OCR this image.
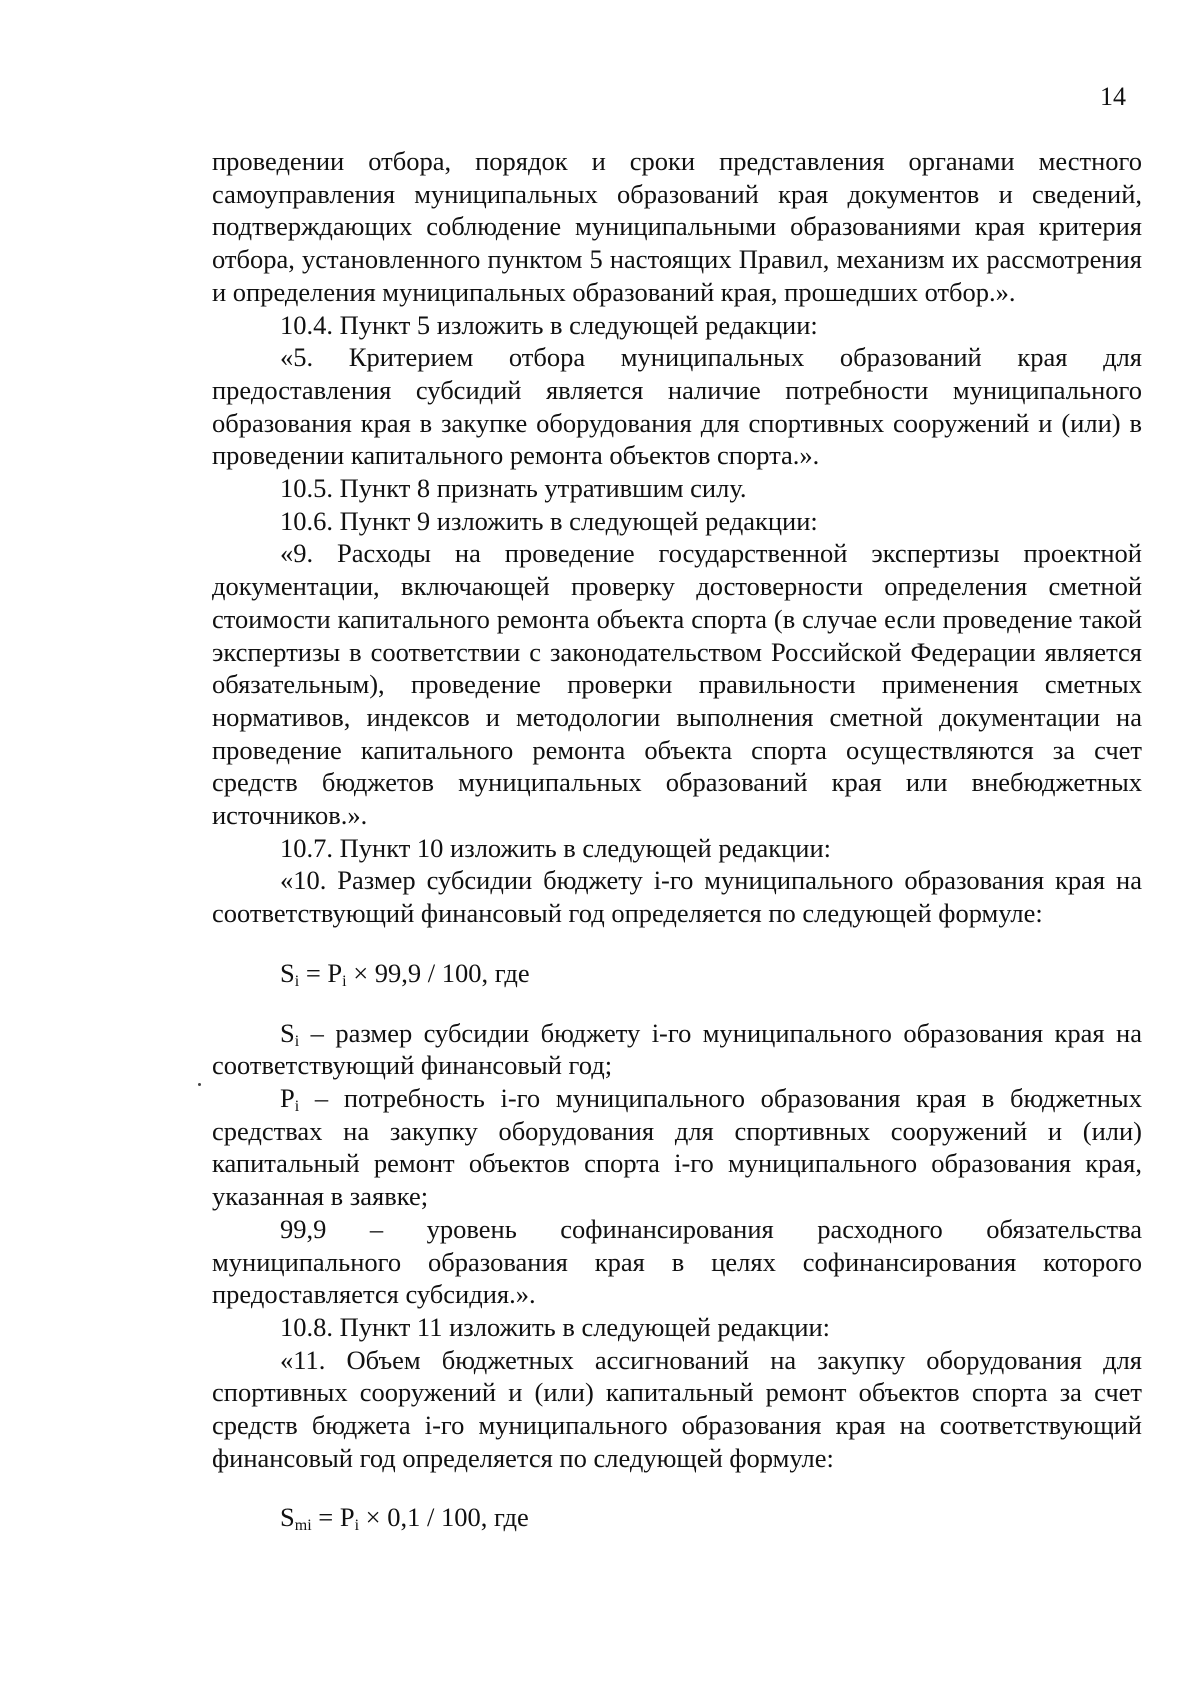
14

проведении отбора, порядок и сроки представления органами местного самоуправления муниципальных образований края документов и сведений, подтверждающих соблюдение муниципальными образованиями края критерия отбора, установленного пунктом 5 настоящих Правил, механизм их рассмотрения и определения муниципальных образований края, прошедших отбор.».

10.4. Пункт 5 изложить в следующей редакции:

«5. Критерием отбора муниципальных образований края для предоставления субсидий является наличие потребности муниципального образования края в закупке оборудования для спортивных сооружений и (или) в проведении капитального ремонта объектов спорта.».

10.5. Пункт 8 признать утратившим силу.

10.6. Пункт 9 изложить в следующей редакции:

«9. Расходы на проведение государственной экспертизы проектной документации, включающей проверку достоверности определения сметной стоимости капитального ремонта объекта спорта (в случае если проведение такой экспертизы в соответствии с законодательством Российской Федерации является обязательным), проведение проверки правильности применения сметных нормативов, индексов и методологии выполнения сметной документации на проведение капитального ремонта объекта спорта осуществляются за счет средств бюджетов муниципальных образований края или внебюджетных источников.».

10.7. Пункт 10 изложить в следующей редакции:

«10. Размер субсидии бюджету i-го муниципального образования края на соответствующий финансовый год определяется по следующей формуле:

$S_i = P_i \times 99,9 / 100$, где

$S_i$ – размер субсидии бюджету i-го муниципального образования края на соответствующий финансовый год;

$P_i$ – потребность i-го муниципального образования края в бюджетных средствах на закупку оборудования для спортивных сооружений и (или) капитальный ремонт объектов спорта i-го муниципального образования края, указанная в заявке;

99,9 – уровень софинансирования расходного обязательства муниципального образования края в целях софинансирования которого предоставляется субсидия.».

10.8. Пункт 11 изложить в следующей редакции:

«11. Объем бюджетных ассигнований на закупку оборудования для спортивных сооружений и (или) капитальный ремонт объектов спорта за счет средств бюджета i-го муниципального образования края на соответствующий финансовый год определяется по следующей формуле:

$S_{mi} = P_i \times 0,1 / 100$, где
